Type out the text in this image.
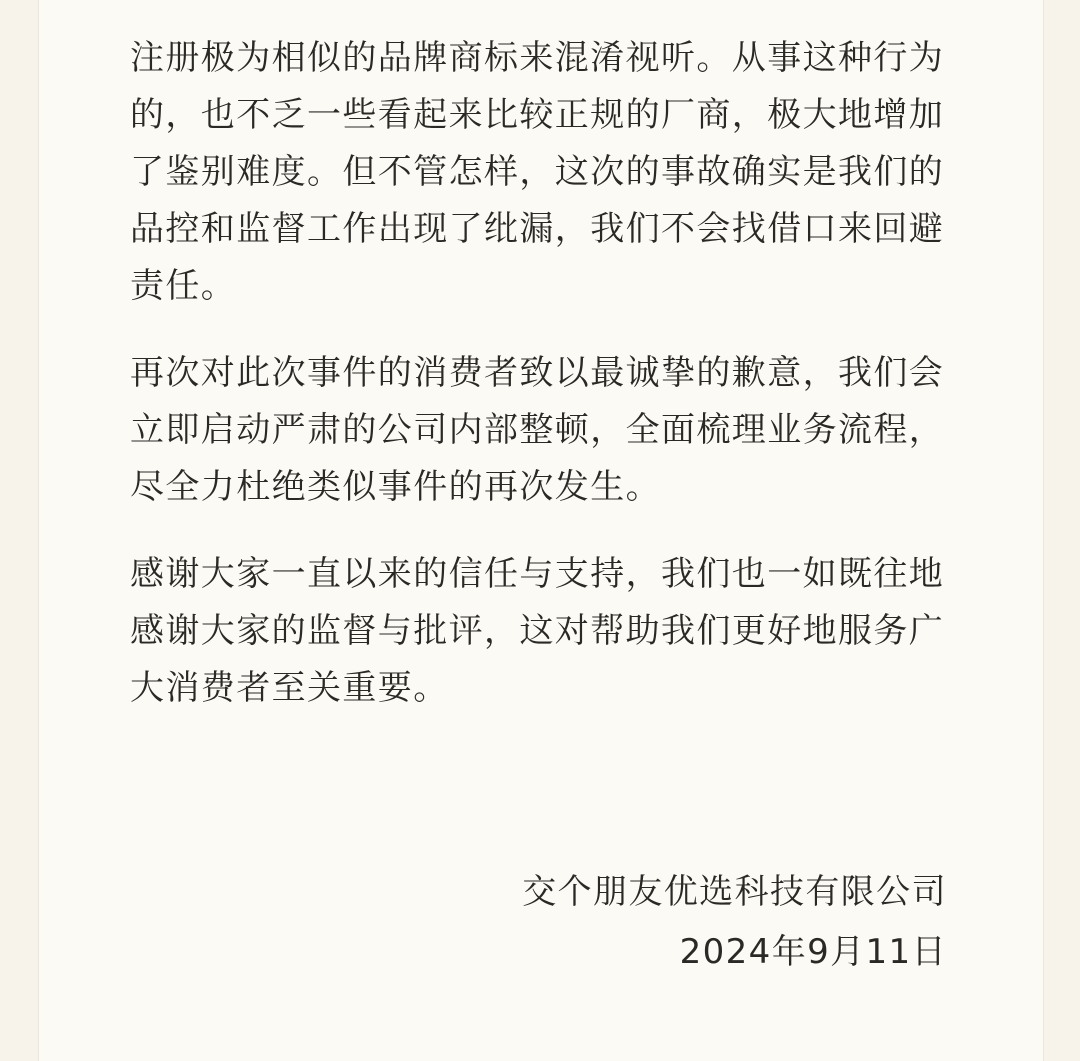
注册极为相似的品牌商标来混淆视听。从事这种行为
的，也不乏一些看起来比较正规的厂商，极大地增加
了鉴别难度。但不管怎样，这次的事故确实是我们的
品控和监督工作出现了纰漏，我们不会找借口来回避
责任。

再次对此次事件的消费者致以最诚挚的歉意，我们会
立即启动严肃的公司内部整顿，全面梳理业务流程，
尽全力杜绝类似事件的再次发生。

感谢大家一直以来的信任与支持，我们也一如既往地
感谢大家的监督与批评，这对帮助我们更好地服务广
大消费者至关重要。

交个朋友优选科技有限公司
2024年9月11日
